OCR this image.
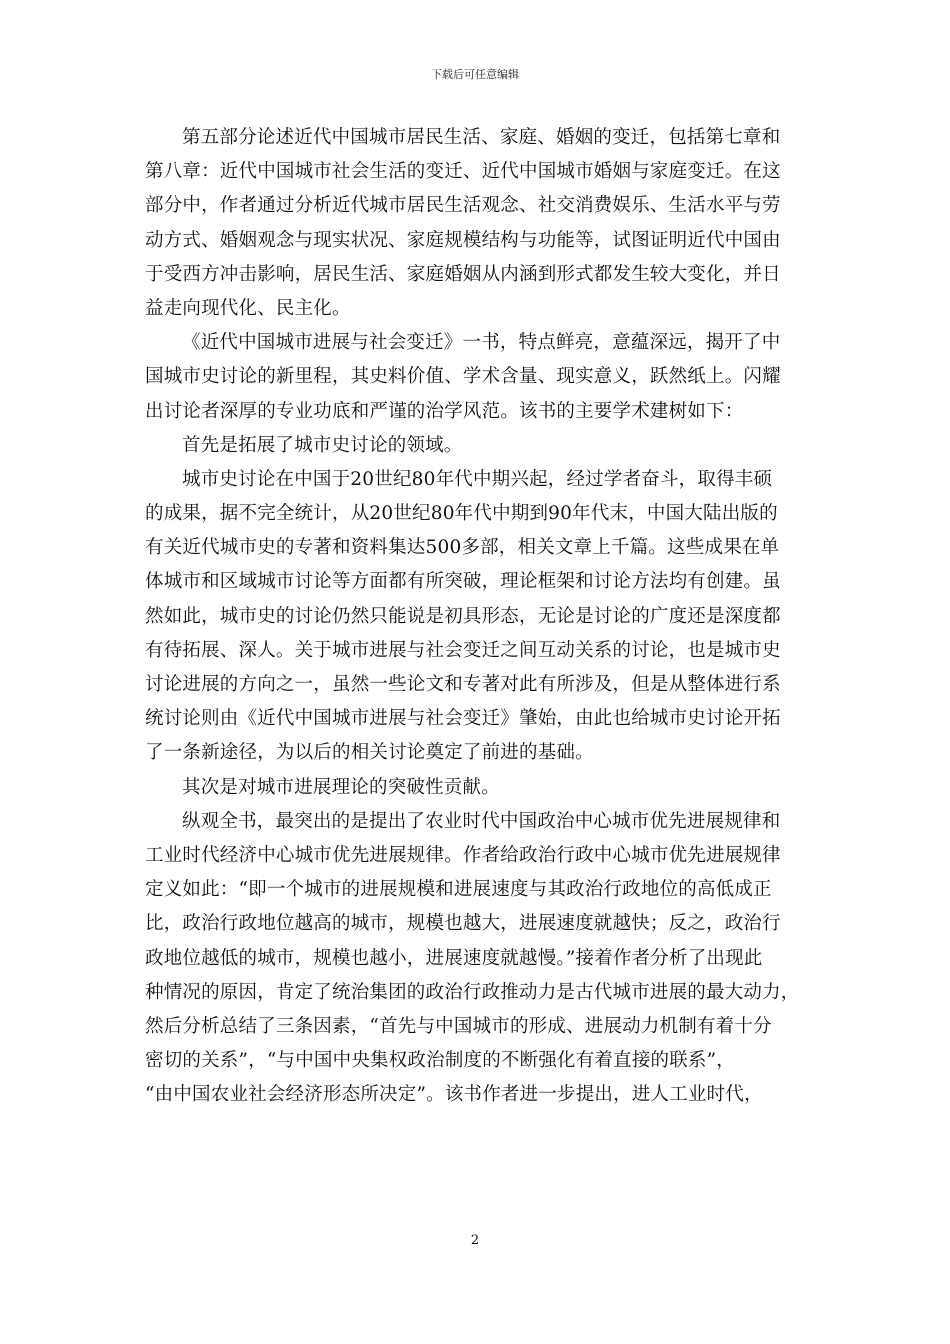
下载后可任意编辑
第五部分论述近代中国城市居民生活、家庭、婚姻的变迁，包括第七章和
第八章：近代中国城市社会生活的变迁、近代中国城市婚姻与家庭变迁。在这
部分中，作者通过分析近代城市居民生活观念、社交消费娱乐、生活水平与劳
动方式、婚姻观念与现实状况、家庭规模结构与功能等，试图证明近代中国由
于受西方冲击影响，居民生活、家庭婚姻从内涵到形式都发生较大变化，并日
益走向现代化、民主化。
《近代中国城市进展与社会变迁》一书，特点鲜亮，意蕴深远，揭开了中
国城市史讨论的新里程，其史料价值、学术含量、现实意义，跃然纸上。闪耀
出讨论者深厚的专业功底和严谨的治学风范。该书的主要学术建树如下：
首先是拓展了城市史讨论的领域。
城市史讨论在中国于20世纪80年代中期兴起，经过学者奋斗，取得丰硕
的成果，据不完全统计，从20世纪80年代中期到90年代末，中国大陆出版的
有关近代城市史的专著和资料集达500多部，相关文章上千篇。这些成果在单
体城市和区域城市讨论等方面都有所突破，理论框架和讨论方法均有创建。虽
然如此，城市史的讨论仍然只能说是初具形态，无论是讨论的广度还是深度都
有待拓展、深人。关于城市进展与社会变迁之间互动关系的讨论，也是城市史
讨论进展的方向之一，虽然一些论文和专著对此有所涉及，但是从整体进行系
统讨论则由《近代中国城市进展与社会变迁》肇始，由此也给城市史讨论开拓
了一条新途径，为以后的相关讨论奠定了前进的基础。
其次是对城市进展理论的突破性贡献。
纵观全书，最突出的是提出了农业时代中国政治中心城市优先进展规律和
工业时代经济中心城市优先进展规律。作者给政治行政中心城市优先进展规律
定义如此：“即一个城市的进展规模和进展速度与其政治行政地位的高低成正
比，政治行政地位越高的城市，规模也越大，进展速度就越快；反之，政治行
政地位越低的城市，规模也越小，进展速度就越慢。”接着作者分析了出现此
种情况的原因，肯定了统治集团的政治行政推动力是古代城市进展的最大动力，
然后分析总结了三条因素，“首先与中国城市的形成、进展动力机制有着十分
密切的关系”，“与中国中央集权政治制度的不断强化有着直接的联系”，
“由中国农业社会经济形态所决定”。该书作者进一步提出，进人工业时代，
2
